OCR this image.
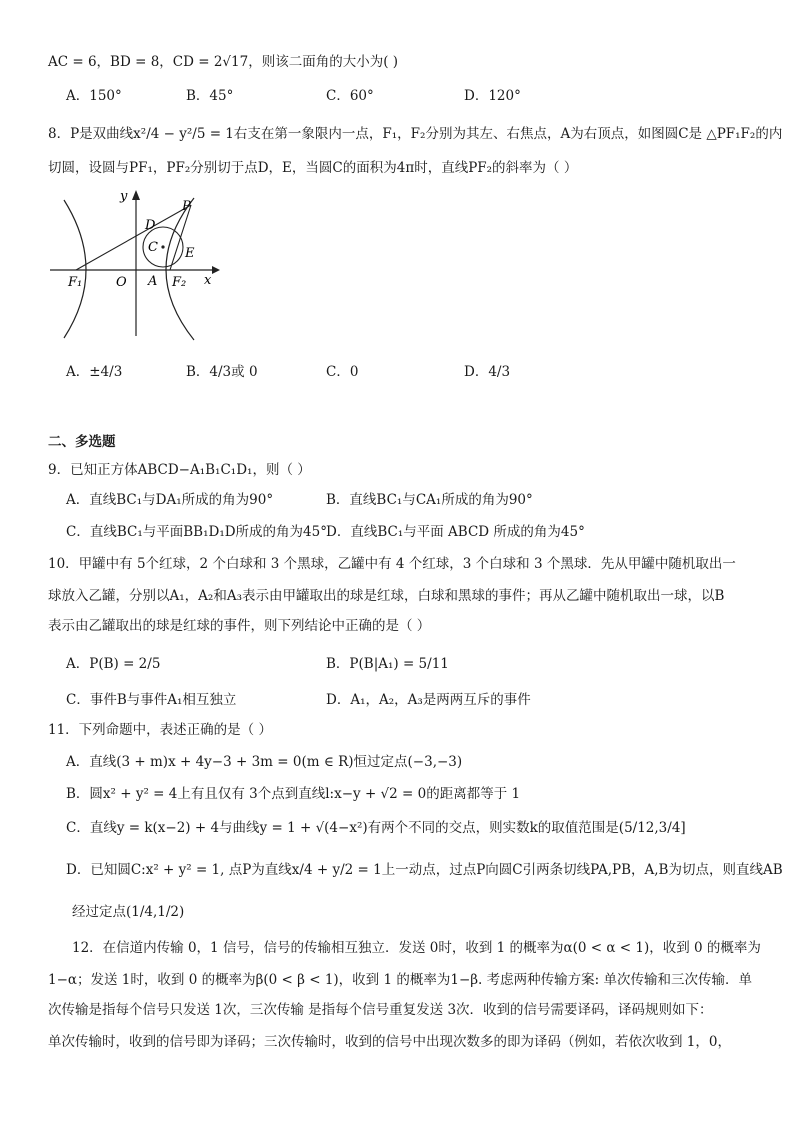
AC = 6，BD = 8，CD = 2√17，则该二面角的大小为( )
A．150°	B．45°	C．60°	D．120°
8．P是双曲线x²/4 − y²/5 = 1右支在第一象限内一点，F₁，F₂分别为其左、右焦点，A为右顶点，如图圆C是 △PF₁F₂的内
切圆，设圆与PF₁，PF₂分别切于点D，E，当圆C的面积为4π时，直线PF₂的斜率为（ ）
y
x
P
D
C E
F₁	O A F₂
A．±4/3	B．4/3或 0	C．0	D．4/3
二、多选题
9．已知正方体ABCD−A₁B₁C₁D₁，则（ ）
A．直线BC₁与DA₁所成的角为90°	B．直线BC₁与CA₁所成的角为90°
C．直线BC₁与平面BB₁D₁D所成的角为45° D．直线BC₁与平面 ABCD 所成的角为45°
10．甲罐中有 5个红球，2 个白球和 3 个黑球，乙罐中有 4 个红球，3 个白球和 3 个黑球．先从甲罐中随机取出一
球放入乙罐，分别以A₁，A₂和A₃表示由甲罐取出的球是红球，白球和黑球的事件；再从乙罐中随机取出一球，以B
表示由乙罐取出的球是红球的事件，则下列结论中正确的是（ ）
A．P(B) = 2/5	B．P(B|A₁) = 5/11
C．事件B与事件A₁相互独立	D．A₁，A₂，A₃是两两互斥的事件
11．下列命题中，表述正确的是（ ）
A．直线(3 + m)x + 4y−3 + 3m = 0(m ∈ R)恒过定点(−3,−3)
B．圆x² + y² = 4上有且仅有 3个点到直线l:x−y + √2 = 0的距离都等于 1
C．直线y = k(x−2) + 4与曲线y = 1 + √(4−x²)有两个不同的交点，则实数k的取值范围是(5/12,3/4]
D．已知圆C:x² + y² = 1, 点P为直线x/4 + y/2 = 1上一动点，过点P向圆C引两条切线PA,PB，A,B为切点，则直线AB
经过定点(1/4,1/2)
12．在信道内传输 0，1 信号，信号的传输相互独立．发送 0时，收到 1 的概率为α(0 < α < 1)，收到 0 的概率为
1−α；发送 1时，收到 0 的概率为β(0 < β < 1)，收到 1 的概率为1−β. 考虑两种传输方案: 单次传输和三次传输．单
次传输是指每个信号只发送 1次，三次传输 是指每个信号重复发送 3次．收到的信号需要译码，译码规则如下：
单次传输时，收到的信号即为译码；三次传输时，收到的信号中出现次数多的即为译码（例如，若依次收到 1，0，
